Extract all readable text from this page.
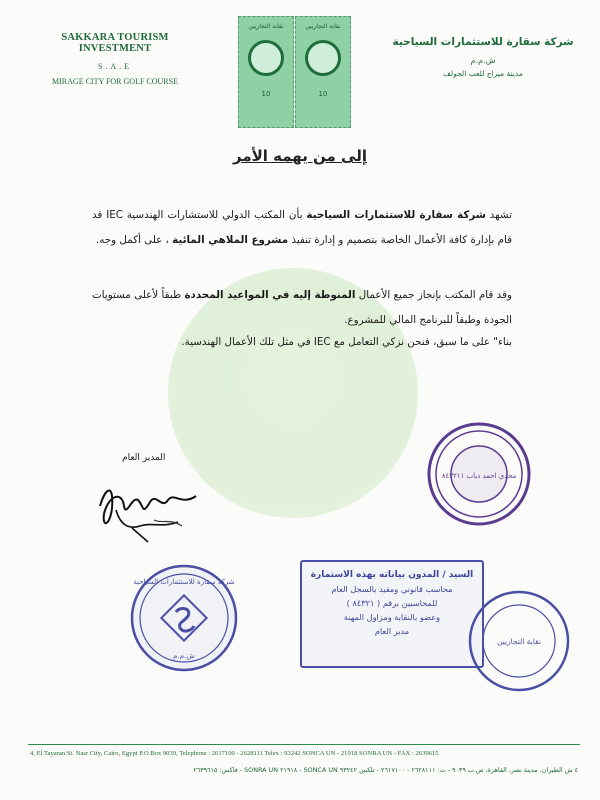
SAKKARA TOURISM INVESTMENT
S.A.E
MIRAGE CITY FOR GOLF COURSE
شركة سقارة للاستثمارات السياحية
ش.م.م
مدينة ميراج للعب الجولف
نقابة التجاريين
10
نقابة التجاريين
10
إلى من يهمه الأمر
تشهد شركة سقارة للاستثمارات السياحية بأن المكتب الدولي للاستشارات الهندسية IEC قد قام بإدارة كافة الأعمال الخاصة بتصميم و إدارة تنفيذ مشروع الملاهي المائية ، على أكمل وجه.
وقد قام المكتب بإنجاز جميع الأعمال المنوطة إليه في المواعيد المحددة طبقاً لأعلى مستويات الجودة وطبقاً للبرنامج المالي للمشروع.
بناء" على ما سبق، فنحن نزكي التعامل مع IEC في مثل تلك الأعمال الهندسية.
المدير العام
مجدي احمد دياب ٨٤٣٢١١
شركة سقارة للاستثمارات السياحية
ش.م.م
السيد / المدون بياناته بهذه الاستمارة
محاسب قانوني ومقيد بالسجل العام
للمحاسبين برقم ( ٨٤٣٢١ )
وعضو بالنقابة ومزاول المهنة
مدير العام
نقابة التجاريين
4, El Tayaran St. Nasr City, Cairo, Egypt P.O.Box 9039, Telephone : 2617100 - 2628111 Telex : 93242 SONCA UN - 21918 SONRA UN - FAX : 2639615
٤ ش الطيران، مدينة نصر، القاهرة، ص.ب ٩٠٣٩ - ت: ٢٦٢٨١١١ - ٢٦١٧١٠٠ - تلكس ٩٣٢٤٢ SONCA UN - ٢١٩١٨ SONRA UN - فاكس: ٢٦٣٩٦١٥
